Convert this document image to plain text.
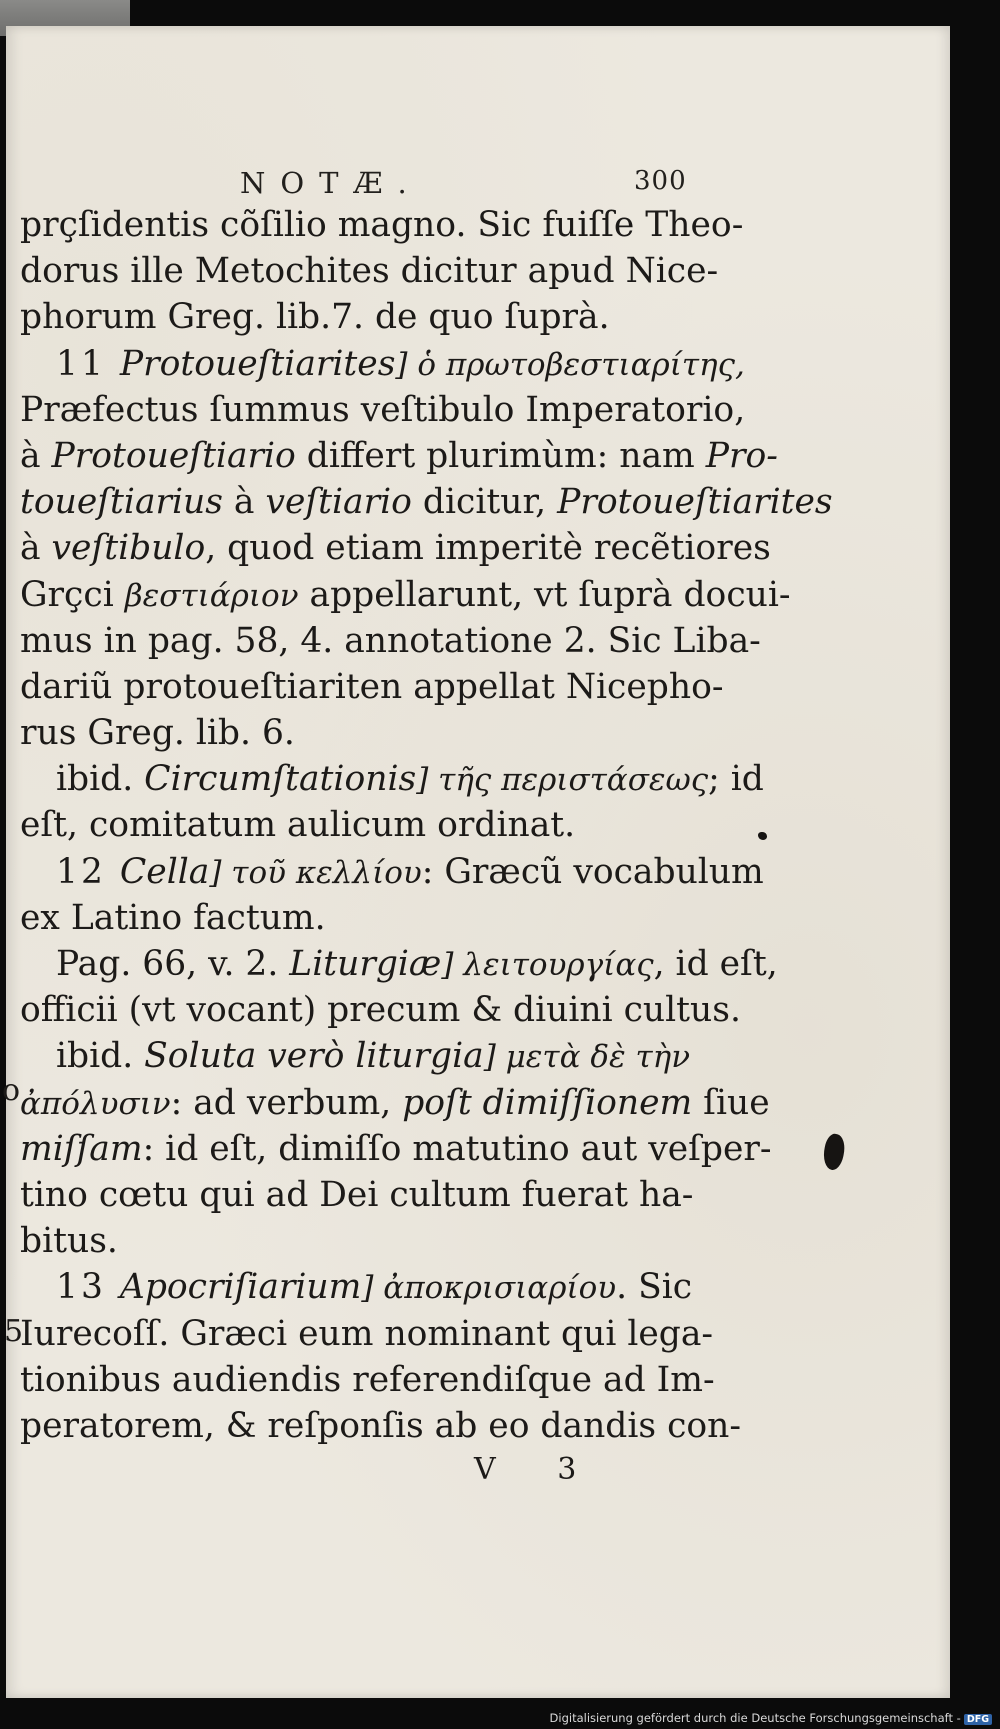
NOTÆ.	300
prçſidentis cõſilio magno. Sic fuiſſe Theo-
dorus ille Metochites dicitur apud Nice-
phorum Greg. lib.7. de quo ſuprà.
11 Protoueſtiarites] ὁ πρωτοβεστιαρίτης,
Præfectus ſummus veſtibulo Imperatorio,
à Protoueſtiario differt plurimùm: nam Pro-
toueſtiarius à veſtiario dicitur, Protoueſtiarites
à veſtibulo, quod etiam imperitè recẽtiores
Grçci βεστιάριον appellarunt, vt ſuprà docui-
mus in pag. 58, 4. annotatione 2. Sic Liba-
dariũ protoueſtiariten appellat Nicepho-
rus Greg. lib. 6.
ibid. Circumſtationis] τῆς περιστάσεως; id
eſt, comitatum aulicum ordinat.
12 Cella] τοῦ κελλίου: Græcũ vocabulum
ex Latino factum.
Pag. 66, v. 2. Liturgiæ] λειτουργίας, id eſt,
officii (vt vocant) precum & diuini cultus.
ibid. Soluta verò liturgia] μετὰ δὲ τὴν
ἀπόλυσιν: ad verbum, poſt dimiſſionem ſiue
miſſam: id eſt, dimiſſo matutino aut veſper-
tino cœtu qui ad Dei cultum fuerat ha-
bitus.
13 Apocriſiarium] ἀποκρισιαρίου. Sic
Iurecoſſ. Græci eum nominant qui lega-
tionibus audiendis referendiſque ad Im-
peratorem, & reſponſis ab eo dandis con-
V 3
o
5
Digitalisierung gefördert durch die Deutsche Forschungsgemeinschaft - DFG
